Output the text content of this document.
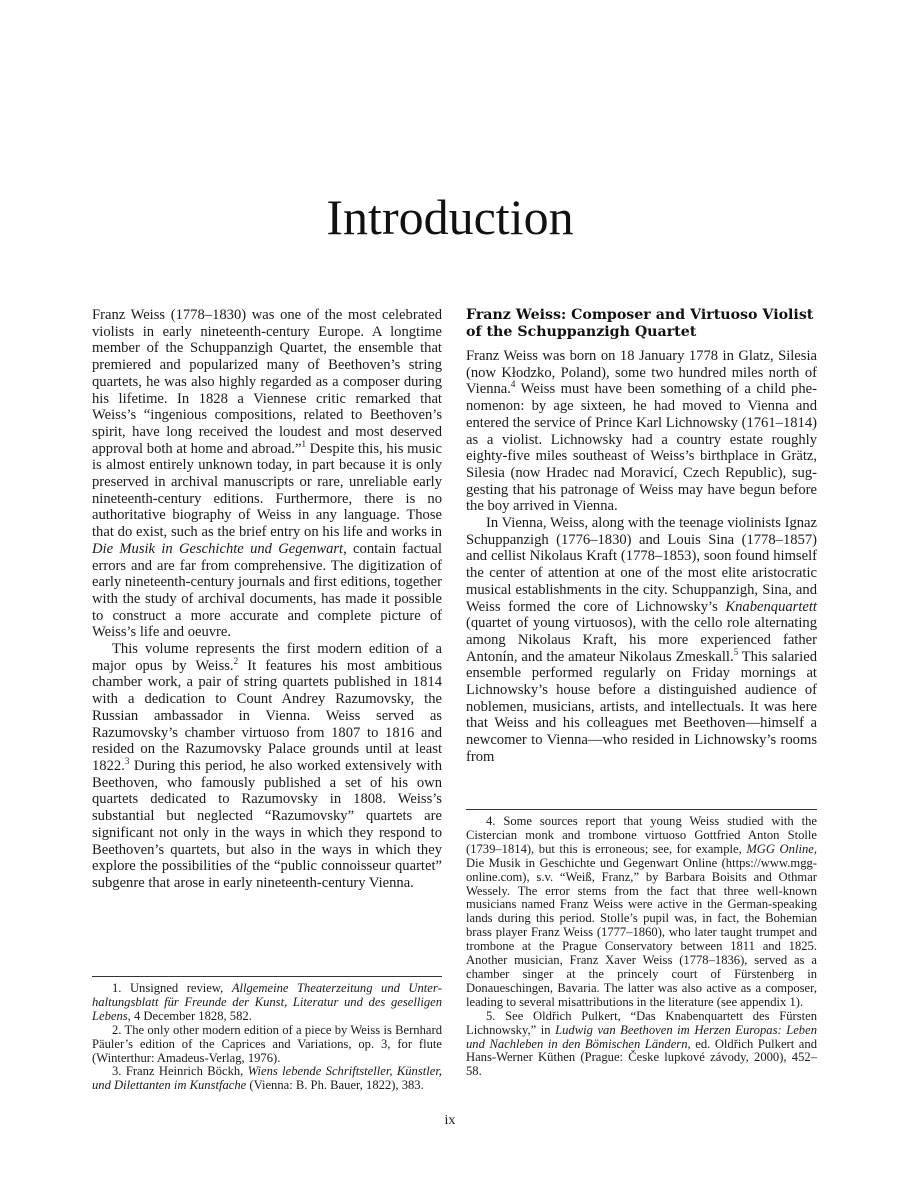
Introduction

Franz Weiss (1778–1830) was one of the most celebrated violists in early nineteenth-century Europe. A longtime member of the Schuppanzigh Quartet, the ensemble that premiered and popularized many of Beethoven’s string quartets, he was also highly regarded as a composer during his lifetime. In 1828 a Viennese critic remarked that Weiss’s “ingenious compositions, related to Beethoven’s spirit, have long received the loudest and most deserved approval both at home and abroad.”$^1$ Despite this, his music is almost entirely unknown today, in part because it is only preserved in archival manuscripts or rare, unreliable early nineteenth-century editions. Furthermore, there is no authoritative biography of Weiss in any language. Those that do exist, such as the brief entry on his life and works in Die Musik in Geschichte und Gegenwart, contain factual errors and are far from comprehensive. The digitization of early nineteenth-century journals and first editions, together with the study of archival documents, has made it possible to construct a more accurate and complete picture of Weiss’s life and oeuvre.

This volume represents the first modern edition of a major opus by Weiss.$^2$ It features his most ambitious chamber work, a pair of string quartets published in 1814 with a dedication to Count Andrey Razumovsky, the Russian ambassador in Vienna. Weiss served as Razumovsky’s chamber virtuoso from 1807 to 1816 and resided on the Razumovsky Palace grounds until at least 1822.$^3$ During this period, he also worked extensively with Beethoven, who famously published a set of his own quartets dedicated to Razumovsky in 1808. Weiss’s substantial but neglected “Razumovsky” quartets are significant not only in the ways in which they respond to Beethoven’s quartets, but also in the ways in which they explore the possibilities of the “public connoisseur quartet” subgenre that arose in early nineteenth-century Vienna.

Franz Weiss: Composer and Virtuoso Violist of the Schuppanzigh Quartet

Franz Weiss was born on 18 January 1778 in Glatz, Silesia (now Kłodzko, Poland), some two hundred miles north of Vienna.$^4$ Weiss must have been something of a child phenomenon: by age sixteen, he had moved to Vienna and entered the service of Prince Karl Lichnowsky (1761–1814) as a violist. Lichnowsky had a country estate roughly eighty-five miles southeast of Weiss’s birthplace in Grätz, Silesia (now Hradec nad Moravicí, Czech Republic), suggesting that his patronage of Weiss may have begun before the boy arrived in Vienna.

In Vienna, Weiss, along with the teenage violinists Ignaz Schuppanzigh (1776–1830) and Louis Sina (1778–1857) and cellist Nikolaus Kraft (1778–1853), soon found himself the center of attention at one of the most elite aristocratic musical establishments in the city. Schuppanzigh, Sina, and Weiss formed the core of Lichnowsky’s Knabenquartett (quartet of young virtuosos), with the cello role alternating among Nikolaus Kraft, his more experienced father Antonín, and the amateur Nikolaus Zmeskall.$^5$ This salaried ensemble performed regularly on Friday mornings at Lichnowsky’s house before a distinguished audience of noblemen, musicians, artists, and intellectuals. It was here that Weiss and his colleagues met Beethoven—himself a newcomer to Vienna—who resided in Lichnowsky’s rooms from

1. Unsigned review, Allgemeine Theaterzeitung und Unterhaltungsblatt für Freunde der Kunst, Literatur und des geselligen Lebens, 4 December 1828, 582.

2. The only other modern edition of a piece by Weiss is Bernhard Päuler’s edition of the Caprices and Variations, op. 3, for flute (Winterthur: Amadeus-Verlag, 1976).

3. Franz Heinrich Böckh, Wiens lebende Schriftsteller, Künstler, und Dilettanten im Kunstfache (Vienna: B. Ph. Bauer, 1822), 383.

4. Some sources report that young Weiss studied with the Cistercian monk and trombone virtuoso Gottfried Anton Stolle (1739–1814), but this is erroneous; see, for example, MGG Online, Die Musik in Geschichte und Gegenwart Online (https://www.mgg-online.com), s.v. “Weiß, Franz,” by Barbara Boisits and Othmar Wessely. The error stems from the fact that three well-known musicians named Franz Weiss were active in the German-speaking lands during this period. Stolle’s pupil was, in fact, the Bohemian brass player Franz Weiss (1777–1860), who later taught trumpet and trombone at the Prague Conservatory between 1811 and 1825. Another musician, Franz Xaver Weiss (1778–1836), served as a chamber singer at the princely court of Fürstenberg in Donaueschingen, Bavaria. The latter was also active as a composer, leading to several misattributions in the literature (see appendix 1).

5. See Oldřich Pulkert, “Das Knabenquartett des Fürsten Lichnowsky,” in Ludwig van Beethoven im Herzen Europas: Leben und Nachleben in den Bömischen Ländern, ed. Oldřich Pulkert and Hans-Werner Küthen (Prague: Česke lupkové závody, 2000), 452–58.

ix
